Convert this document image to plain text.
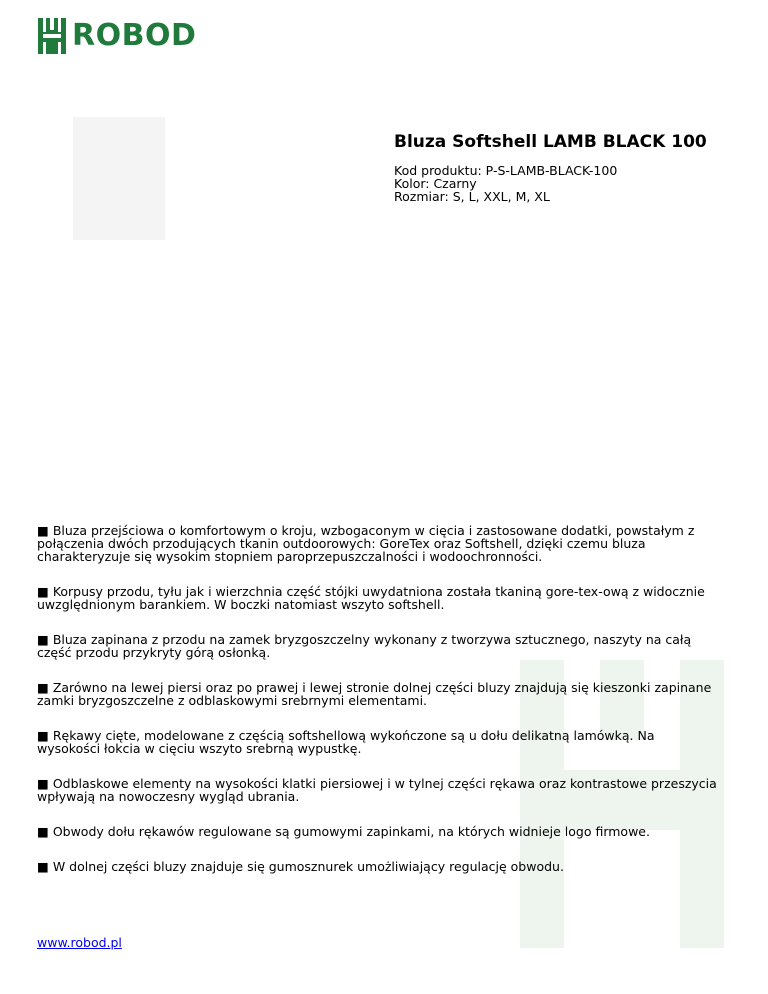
ROBOD
Bluza Softshell LAMB BLACK 100
Kod produktu: P-S-LAMB-BLACK-100
Kolor: Czarny
Rozmiar: S, L, XXL, M, XL

■ Bluza przejściowa o komfortowym o kroju, wzbogaconym w cięcia i zastosowane dodatki, powstałym z połączenia dwóch przodujących tkanin outdoorowych: GoreTex oraz Softshell, dzięki czemu bluza charakteryzuje się wysokim stopniem paroprzepuszczalności i wodoochronności.

■ Korpusy przodu, tyłu jak i wierzchnia część stójki uwydatniona została tkaniną gore-tex-ową z widocznie uwzględnionym barankiem. W boczki natomiast wszyto softshell.

■ Bluza zapinana z przodu na zamek bryzgoszczelny wykonany z tworzywa sztucznego, naszyty na całą część przodu przykryty górą osłonką.

■ Zarówno na lewej piersi oraz po prawej i lewej stronie dolnej części bluzy znajdują się kieszonki zapinane zamki bryzgoszczelne z odblaskowymi srebrnymi elementami.

■ Rękawy cięte, modelowane z częścią softshellową wykończone są u dołu delikatną lamówką. Na wysokości łokcia w cięciu wszyto srebrną wypustkę.

■ Odblaskowe elementy na wysokości klatki piersiowej i w tylnej części rękawa oraz kontrastowe przeszycia wpływają na nowoczesny wygląd ubrania.

■ Obwody dołu rękawów regulowane są gumowymi zapinkami, na których widnieje logo firmowe.

■ W dolnej części bluzy znajduje się gumosznurek umożliwiający regulację obwodu.

www.robod.pl
